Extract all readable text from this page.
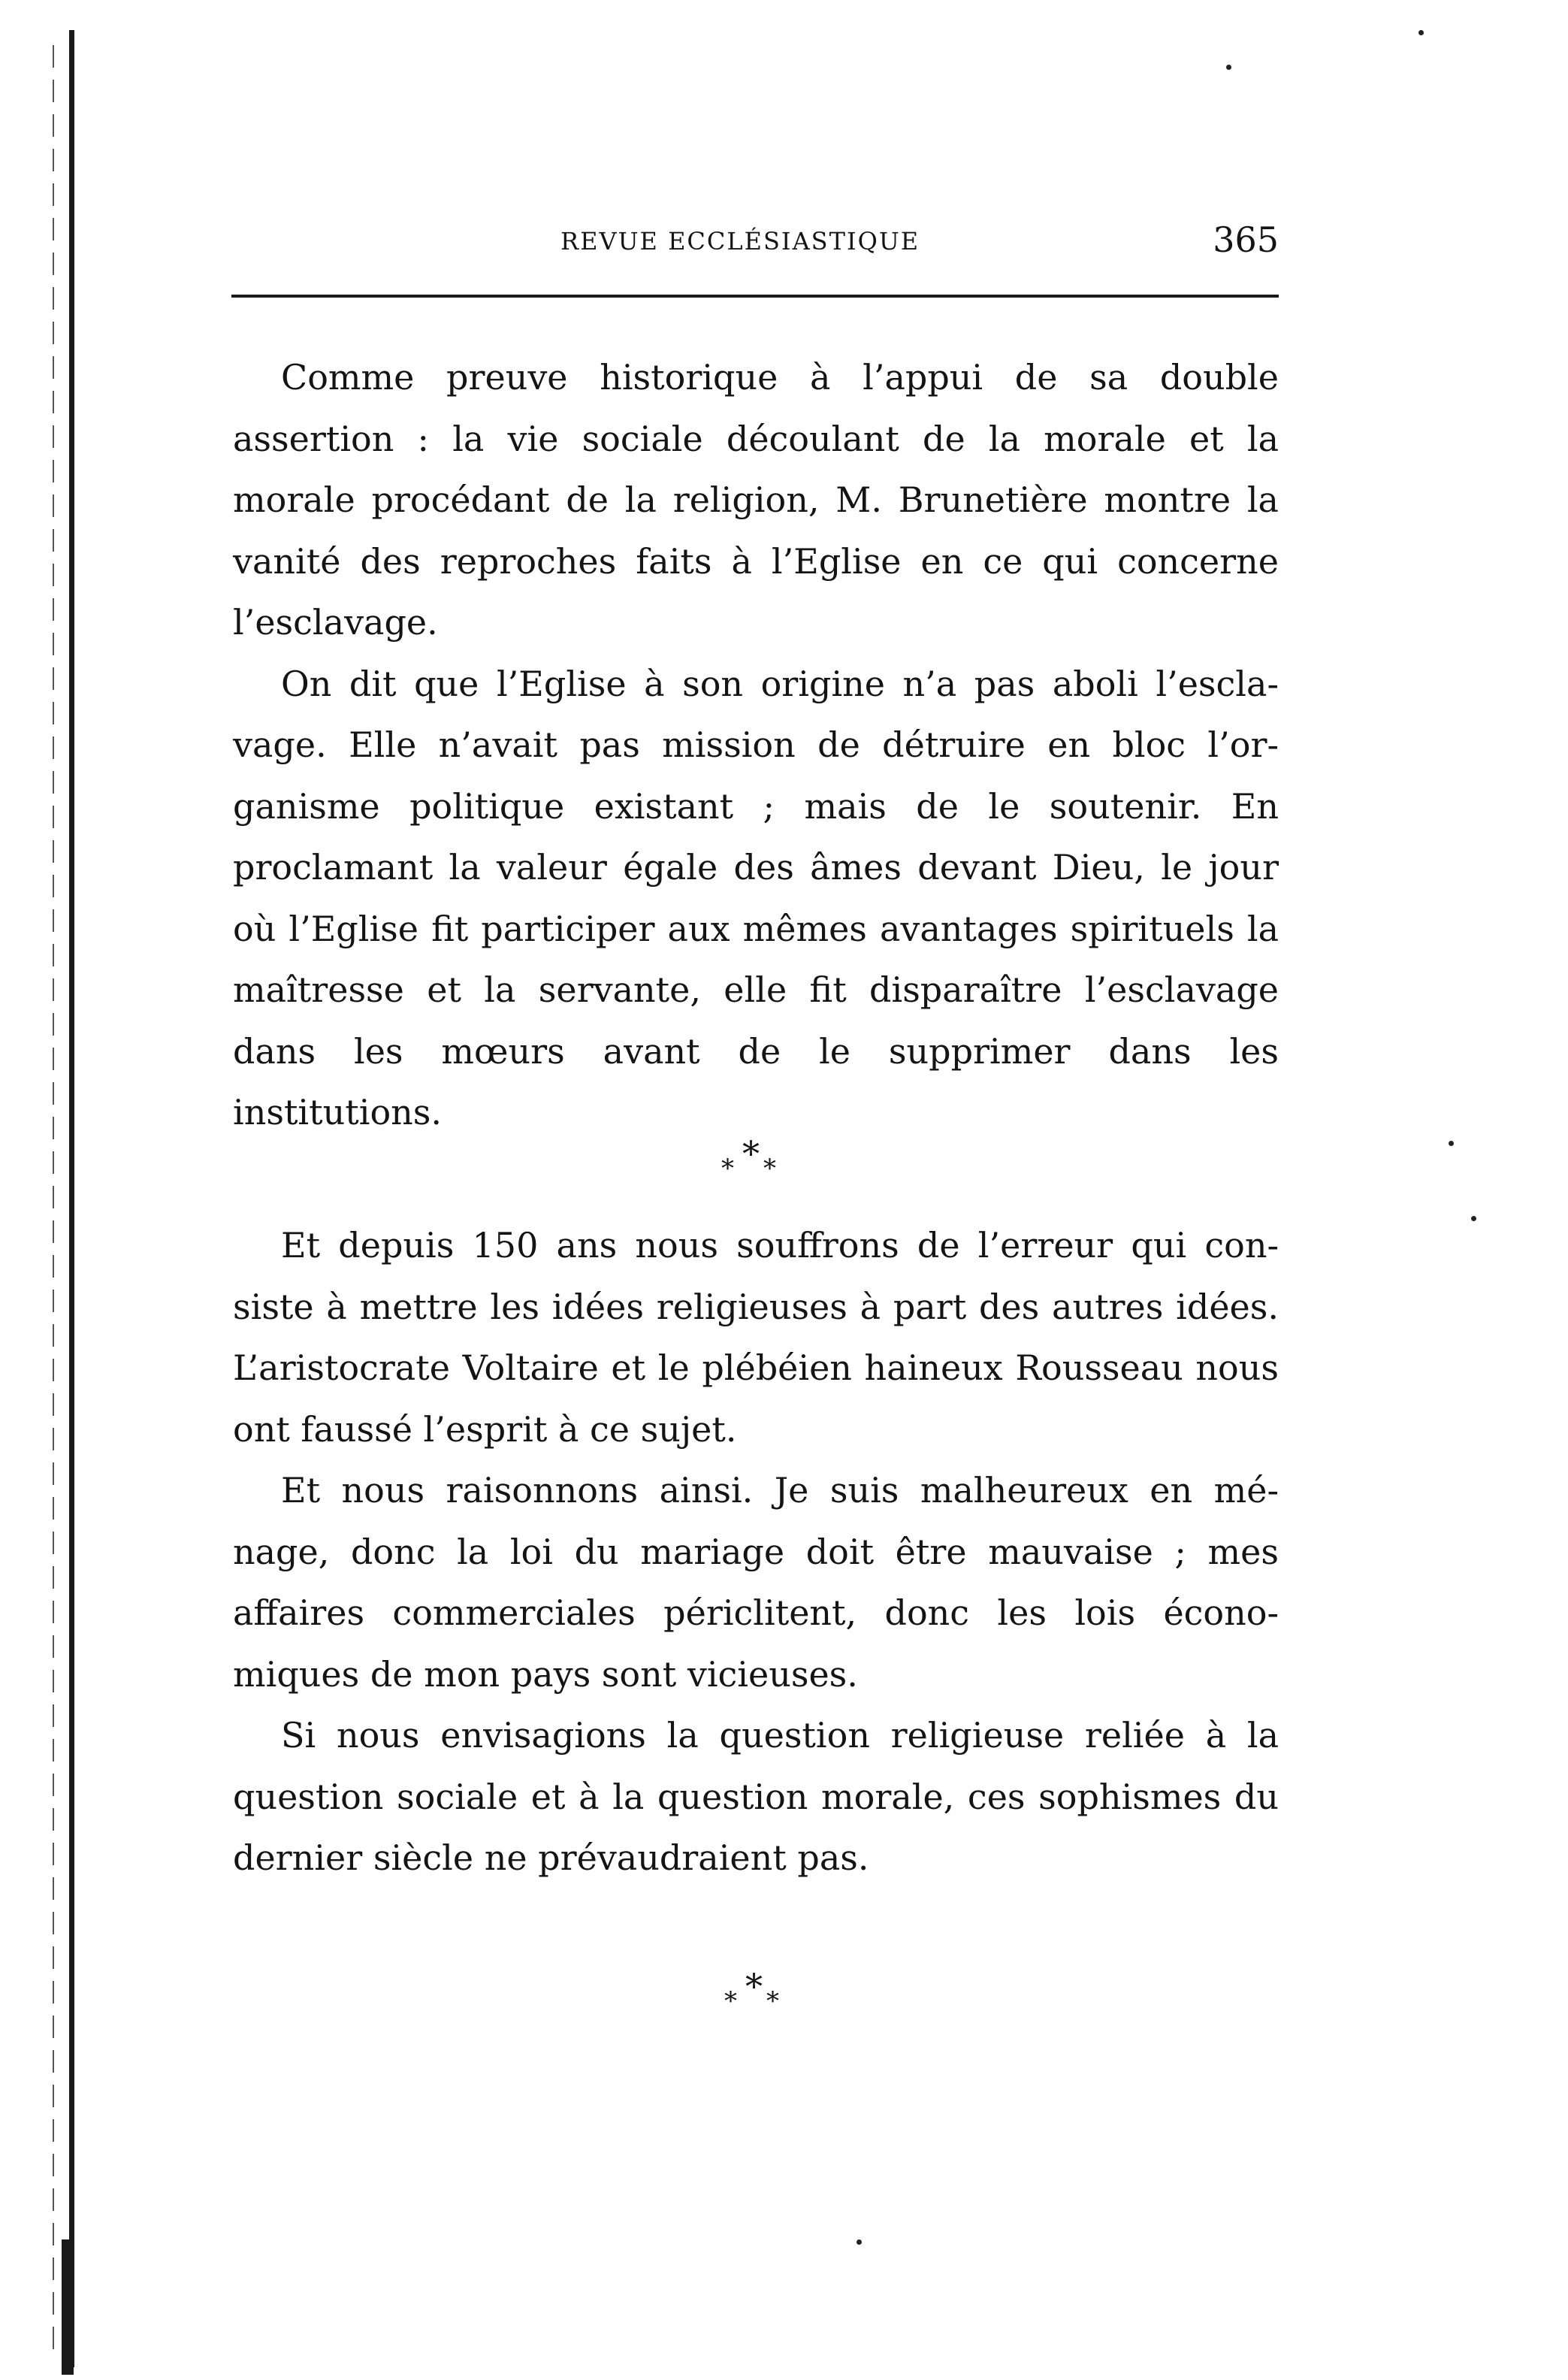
REVUE ECCLÉSIASTIQUE	365

Comme preuve historique à l’appui de sa double assertion : la vie sociale découlant de la morale et la morale procédant de la religion, M. Brunetière montre la vanité des reproches faits à l’Eglise en ce qui concerne l’esclavage.

On dit que l’Eglise à son origine n’a pas aboli l’esclavage. Elle n’avait pas mission de détruire en bloc l’organisme politique existant ; mais de le soutenir. En proclamant la valeur égale des âmes devant Dieu, le jour où l’Eglise fit participer aux mêmes avantages spirituels la maîtresse et la servante, elle fit disparaître l’esclavage dans les mœurs avant de le supprimer dans les institutions.

*
* *

Et depuis 150 ans nous souffrons de l’erreur qui consiste à mettre les idées religieuses à part des autres idées. L’aristocrate Voltaire et le plébéien haineux Rousseau nous ont faussé l’esprit à ce sujet.

Et nous raisonnons ainsi. Je suis malheureux en ménage, donc la loi du mariage doit être mauvaise ; mes affaires commerciales périclitent, donc les lois économiques de mon pays sont vicieuses.

Si nous envisagions la question religieuse reliée à la question sociale et à la question morale, ces sophismes du dernier siècle ne prévaudraient pas.

*
* *
